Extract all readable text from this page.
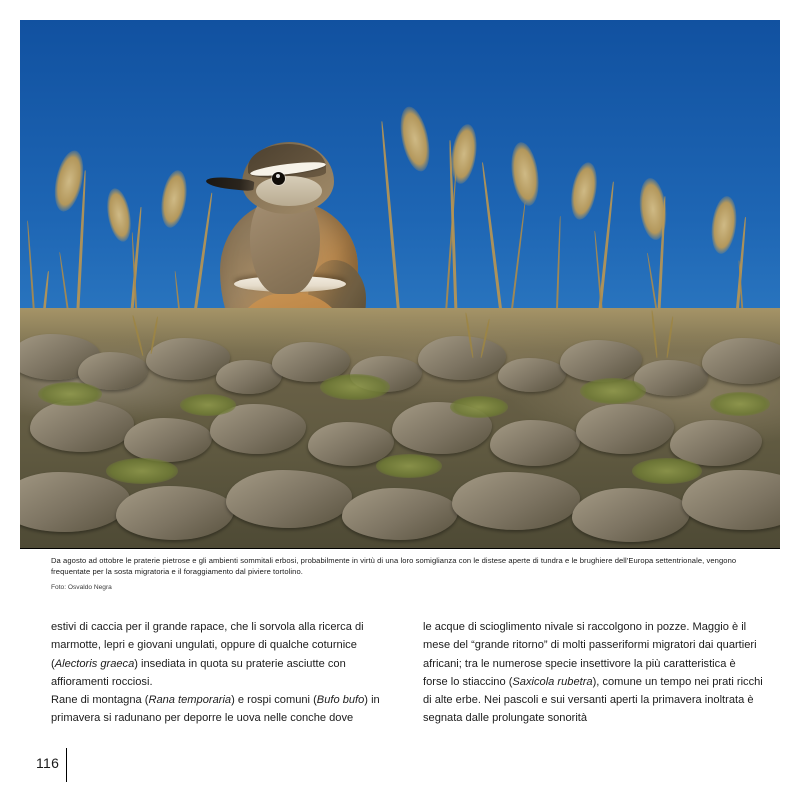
Da agosto ad ottobre le praterie pietrose e gli ambienti sommitali erbosi, probabilmente in virtù di una loro somiglianza con le distese aperte di tundra e le brughiere dell'Europa settentrionale, vengono frequentate per la sosta migratoria e il foraggiamento dal piviere tortolino.
Foto: Osvaldo Negra

estivi di caccia per il grande rapace, che li sorvola alla ricerca di marmotte, lepri e giovani ungulati, oppure di qualche coturnice (Alectoris graeca) insediata in quota su praterie asciutte con affioramenti rocciosi.

Rane di montagna (Rana temporaria) e rospi comuni (Bufo bufo) in primavera si radunano per deporre le uova nelle conche dove

le acque di scioglimento nivale si raccolgono in pozze. Maggio è il mese del “grande ritorno” di molti passeriformi migratori dai quartieri africani; tra le numerose specie insettivore la più caratteristica è forse lo stiaccino (Saxicola rubetra), comune un tempo nei prati ricchi di alte erbe. Nei pascoli e sui versanti aperti la primavera inoltrata è segnata dalle prolungate sonorità

116
